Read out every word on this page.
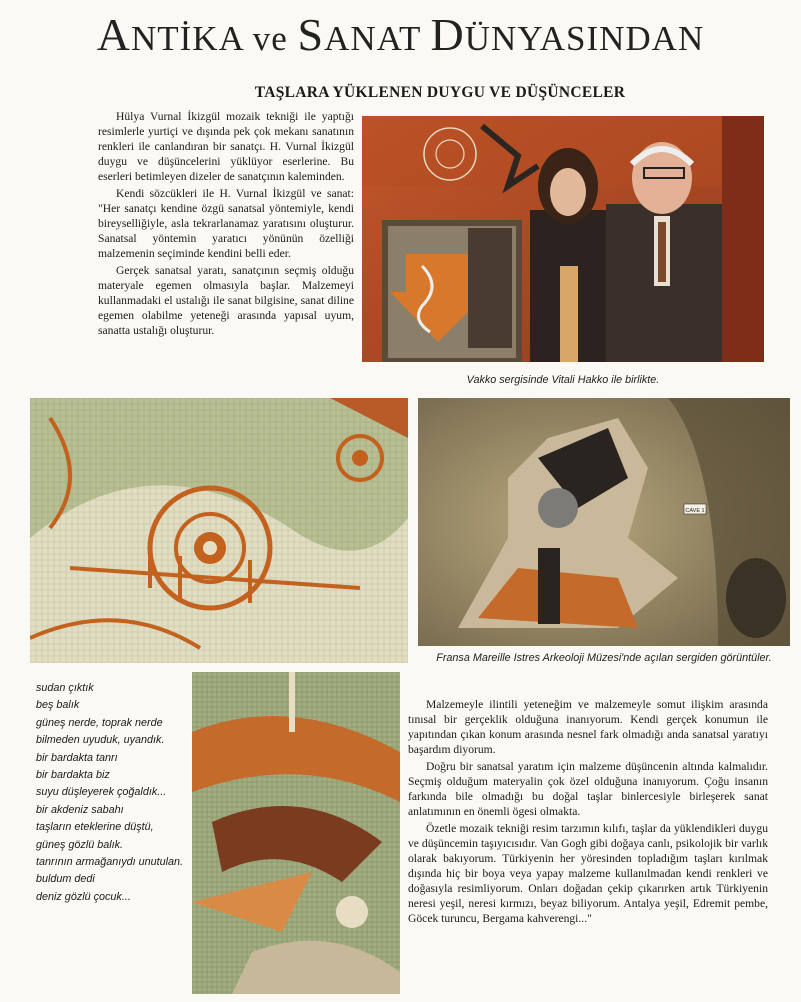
ANTİKA ve SANAT DÜNYASINDAN
TAŞLARA YÜKLENEN DUYGU VE DÜŞÜNCELER

Hülya Vurnal İkizgül mozaik tekniği ile yaptığı resimlerle yurtiçi ve dışında pek çok mekanı sanatının renkleri ile canlandıran bir sanatçı. H. Vurnal İkizgül duygu ve düşüncelerini yüklüyor eserlerine. Bu eserleri betimleyen dizeler de sanatçının kaleminden.

Kendi sözcükleri ile H. Vurnal İkizgül ve sanat: "Her sanatçı kendine özgü sanatsal yöntemiyle, kendi bireyselliğiyle, asla tekrarlanamaz yaratısını oluşturur. Sanatsal yöntemin yaratıcı yönünün özelliği malzemenin seçiminde kendini belli eder.

Gerçek sanatsal yaratı, sanatçının seçmiş olduğu materyale egemen olmasıyla başlar. Malzemeyi kullanmadaki el ustalığı ile sanat bilgisine, sanat diline egemen olabilme yeteneği arasında yapısal uyum, sanatta ustalığı oluşturur.

Vakko sergisinde Vitali Hakko ile birlikte.
CAVE 1
Fransa Mareille Istres Arkeoloji Müzesi'nde açılan sergiden görüntüler.
sudan çıktık
beş balık
güneş nerde, toprak nerde
bilmeden uyuduk, uyandık.
bir bardakta tanrı
bir bardakta biz
suyu düşleyerek çoğaldık...
bir akdeniz sabahı
taşların eteklerine düştü,
güneş gözlü balık.
tanrının armağanıydı unutulan.
buldum dedi
deniz gözlü çocuk...

Malzemeyle ilintili yeteneğim ve malzemeyle somut ilişkim arasında tınısal bir gerçeklik olduğuna inanıyorum. Kendi gerçek konumun ile yapıtından çıkan konum arasında nesnel fark olmadığı anda sanatsal yaratıyı başardım diyorum.

Doğru bir sanatsal yaratım için malzeme düşüncenin altında kalmalıdır. Seçmiş olduğum materyalin çok özel olduğuna inanıyorum. Çoğu insanın farkında bile olmadığı bu doğal taşlar binlercesiyle birleşerek sanat anlatımının en önemli ögesi olmakta.

Özetle mozaik tekniği resim tarzımın kılıfı, taşlar da yüklendikleri duygu ve düşüncemin taşıyıcısıdır. Van Gogh gibi doğaya canlı, psikolojik bir varlık olarak bakıyorum. Türkiyenin her yöresinden topladığım taşları kırılmak dışında hiç bir boya veya yapay malzeme kullanılmadan kendi renkleri ve doğasıyla resimliyorum. Onları doğadan çekip çıkarırken artık Türkiyenin neresi yeşil, neresi kırmızı, beyaz biliyorum. Antalya yeşil, Edremit pembe, Göcek turuncu, Bergama kahverengi..."
